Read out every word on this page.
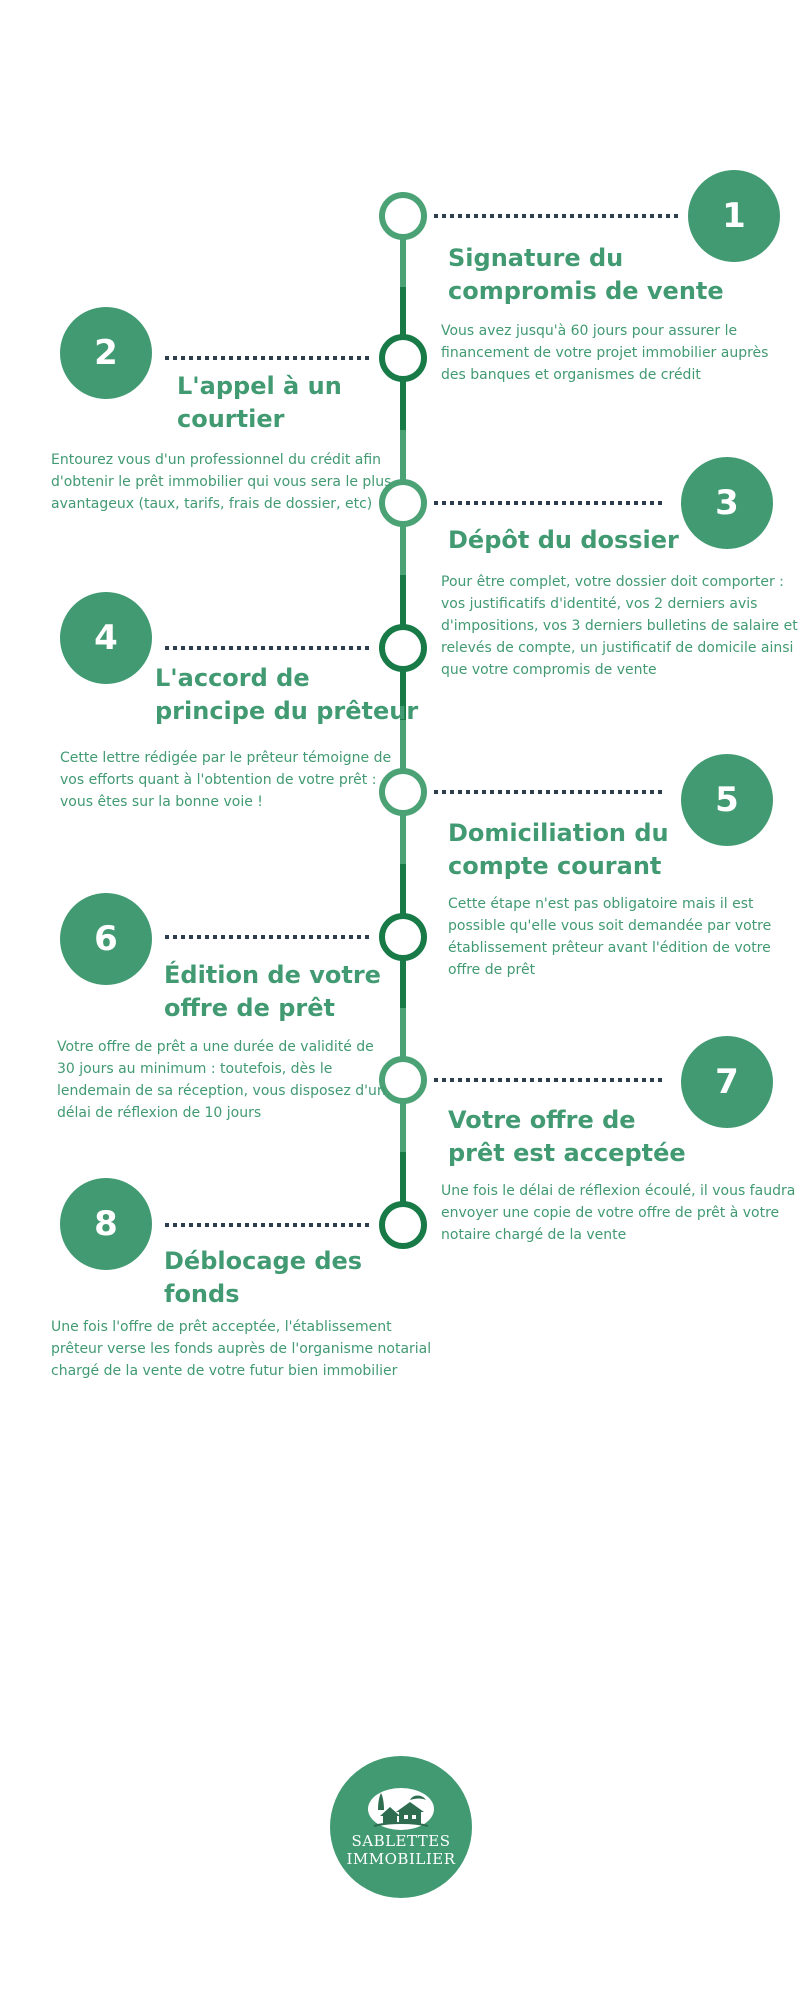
1
Signature du
compromis de vente
Vous avez jusqu'à 60 jours pour assurer le
financement de votre projet immobilier auprès
des banques et organismes de crédit
2
L'appel à un
courtier
Entourez vous d'un professionnel du crédit afin
d'obtenir le prêt immobilier qui vous sera le plus
avantageux (taux, tarifs, frais de dossier, etc)	3
Dépôt du dossier
Pour être complet, votre dossier doit comporter :
vos justificatifs d'identité, vos 2 derniers avis
d'impositions, vos 3 derniers bulletins de salaire et
relevés de compte, un justificatif de domicile ainsi
que votre compromis de vente
4
L'accord de
principe du prêteur
Cette lettre rédigée par le prêteur témoigne de
vos efforts quant à l'obtention de votre prêt :
vous êtes sur la bonne voie !	5
Domiciliation du
compte courant
Cette étape n'est pas obligatoire mais il est
possible qu'elle vous soit demandée par votre
établissement prêteur avant l'édition de votre
offre de prêt
6
Édition de votre
offre de prêt
Votre offre de prêt a une durée de validité de
30 jours au minimum : toutefois, dès le
lendemain de sa réception, vous disposez d'un
délai de réflexion de 10 jours
7
Votre offre de
prêt est acceptée
Une fois le délai de réflexion écoulé, il vous faudra
envoyer une copie de votre offre de prêt à votre
notaire chargé de la vente
8
Déblocage des
fonds
Une fois l'offre de prêt acceptée, l'établissement
prêteur verse les fonds auprès de l'organisme notarial
chargé de la vente de votre futur bien immobilier
SABLETTES
IMMOBILIER
